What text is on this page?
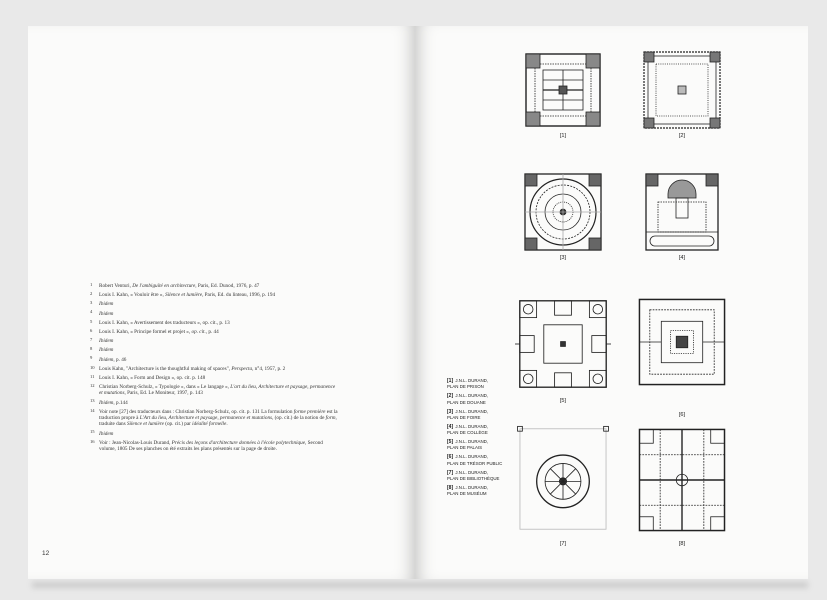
1	Robert Venturi, De l'ambiguïté en architecture, Paris, Ed. Dunod, 1976, p. 47
2	Louis I. Kahn, « Vouloir être », Silence et lumière, Paris, Ed. du linteau, 1996, p. 194
3	Ibidem
4	Ibidem
5	Louis I. Kahn, « Avertissement des traducteurs », op. cit., p. 13
6	Louis I. Kahn, « Principe formel et projet », op. cit., p. 44
7	Ibidem
8	Ibidem
9	Ibidem, p. 46
10 Louis Kahn, "Architecture is the thoughtful making of spaces", Perspecta, n°4, 1957, p. 2
11 Louis I. Kahn, « Form and Design », op. cit. p. 148
12 Christian Norberg-Schulz, « Typologie », dans « Le langage », L'art du lieu, Architecture et paysage, permanence et mutations, Paris, Ed. Le Moniteur, 1997, p. 143
13 Ibidem, p.144
14 Voir note [27] des traducteurs dans : Christian Norberg-Schulz, op. cit. p. 131 La formulation forme première est la traduction propre à L'Art du lieu, Architecture et paysage, permanence et mutations, (op. cit.) de la notion de form, traduite dans Silence et lumière (op. cit.) par idéalité formelle.
15 Ibidem
16 Voir : Jean-Nicolas-Louis Durand, Précis des leçons d'architecture données à l'école polytechnique, Second volume, 1805 De ses planches on été extraits les plans présentés sur la page de droite.
12
[1] J.N.L. DURAND,
PLAN DE PRISON
[2] J.N.L. DURAND,
PLAN DE DOUANE
[3] J.N.L. DURAND,
PLAN DE FOIRE
[4] J.N.L. DURAND,
PLAN DE COLLÈGE
[5] J.N.L. DURAND,
PLAN DE PALAIS
[6] J.N.L. DURAND,
PLAN DE TRÉSOR PUBLIC
[7] J.N.L. DURAND,
PLAN DE BIBLIOTHÈQUE
[8] J.N.L. DURAND,
PLAN DE MUSÉUM
[1]	[2]
[3]	[4]
[5]
[6]
[7]	[8]
